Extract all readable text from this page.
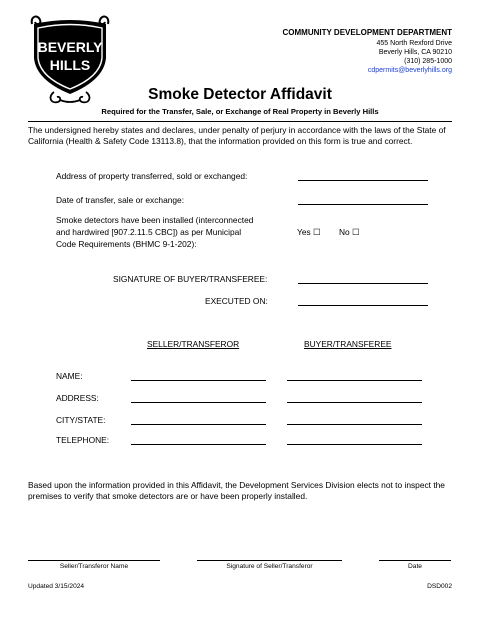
BEVERLY
HILLS
COMMUNITY DEVELOPMENT DEPARTMENT
455 North Rexford Drive
Beverly Hills, CA 90210
(310) 285-1000
cdpermits@beverlyhills.org
Smoke Detector Affidavit
Required for the Transfer, Sale, or Exchange of Real Property in Beverly Hills
The undersigned hereby states and declares, under penalty of perjury in accordance with the laws of the State of California (Health & Safety Code 13113.8), that the information provided on this form is true and correct.
Address of property transferred, sold or exchanged:
Date of transfer, sale or exchange:
Smoke detectors have been installed (interconnected
and hardwired [907.2.11.5 CBC]) as per Municipal
Code Requirements (BHMC 9-1-202):
Yes ☐ No ☐
SIGNATURE OF BUYER/TRANSFEREE:
EXECUTED ON:
SELLER/TRANSFEROR	BUYER/TRANSFEREE
NAME:
ADDRESS:
CITY/STATE:
TELEPHONE:
Based upon the information provided in this Affidavit, the Development Services Division elects not to inspect the premises to verify that smoke detectors are or have been properly installed.
Seller/Transferor Name	Signature of Seller/Transferor	Date
Updated 3/15/2024	DSD002
